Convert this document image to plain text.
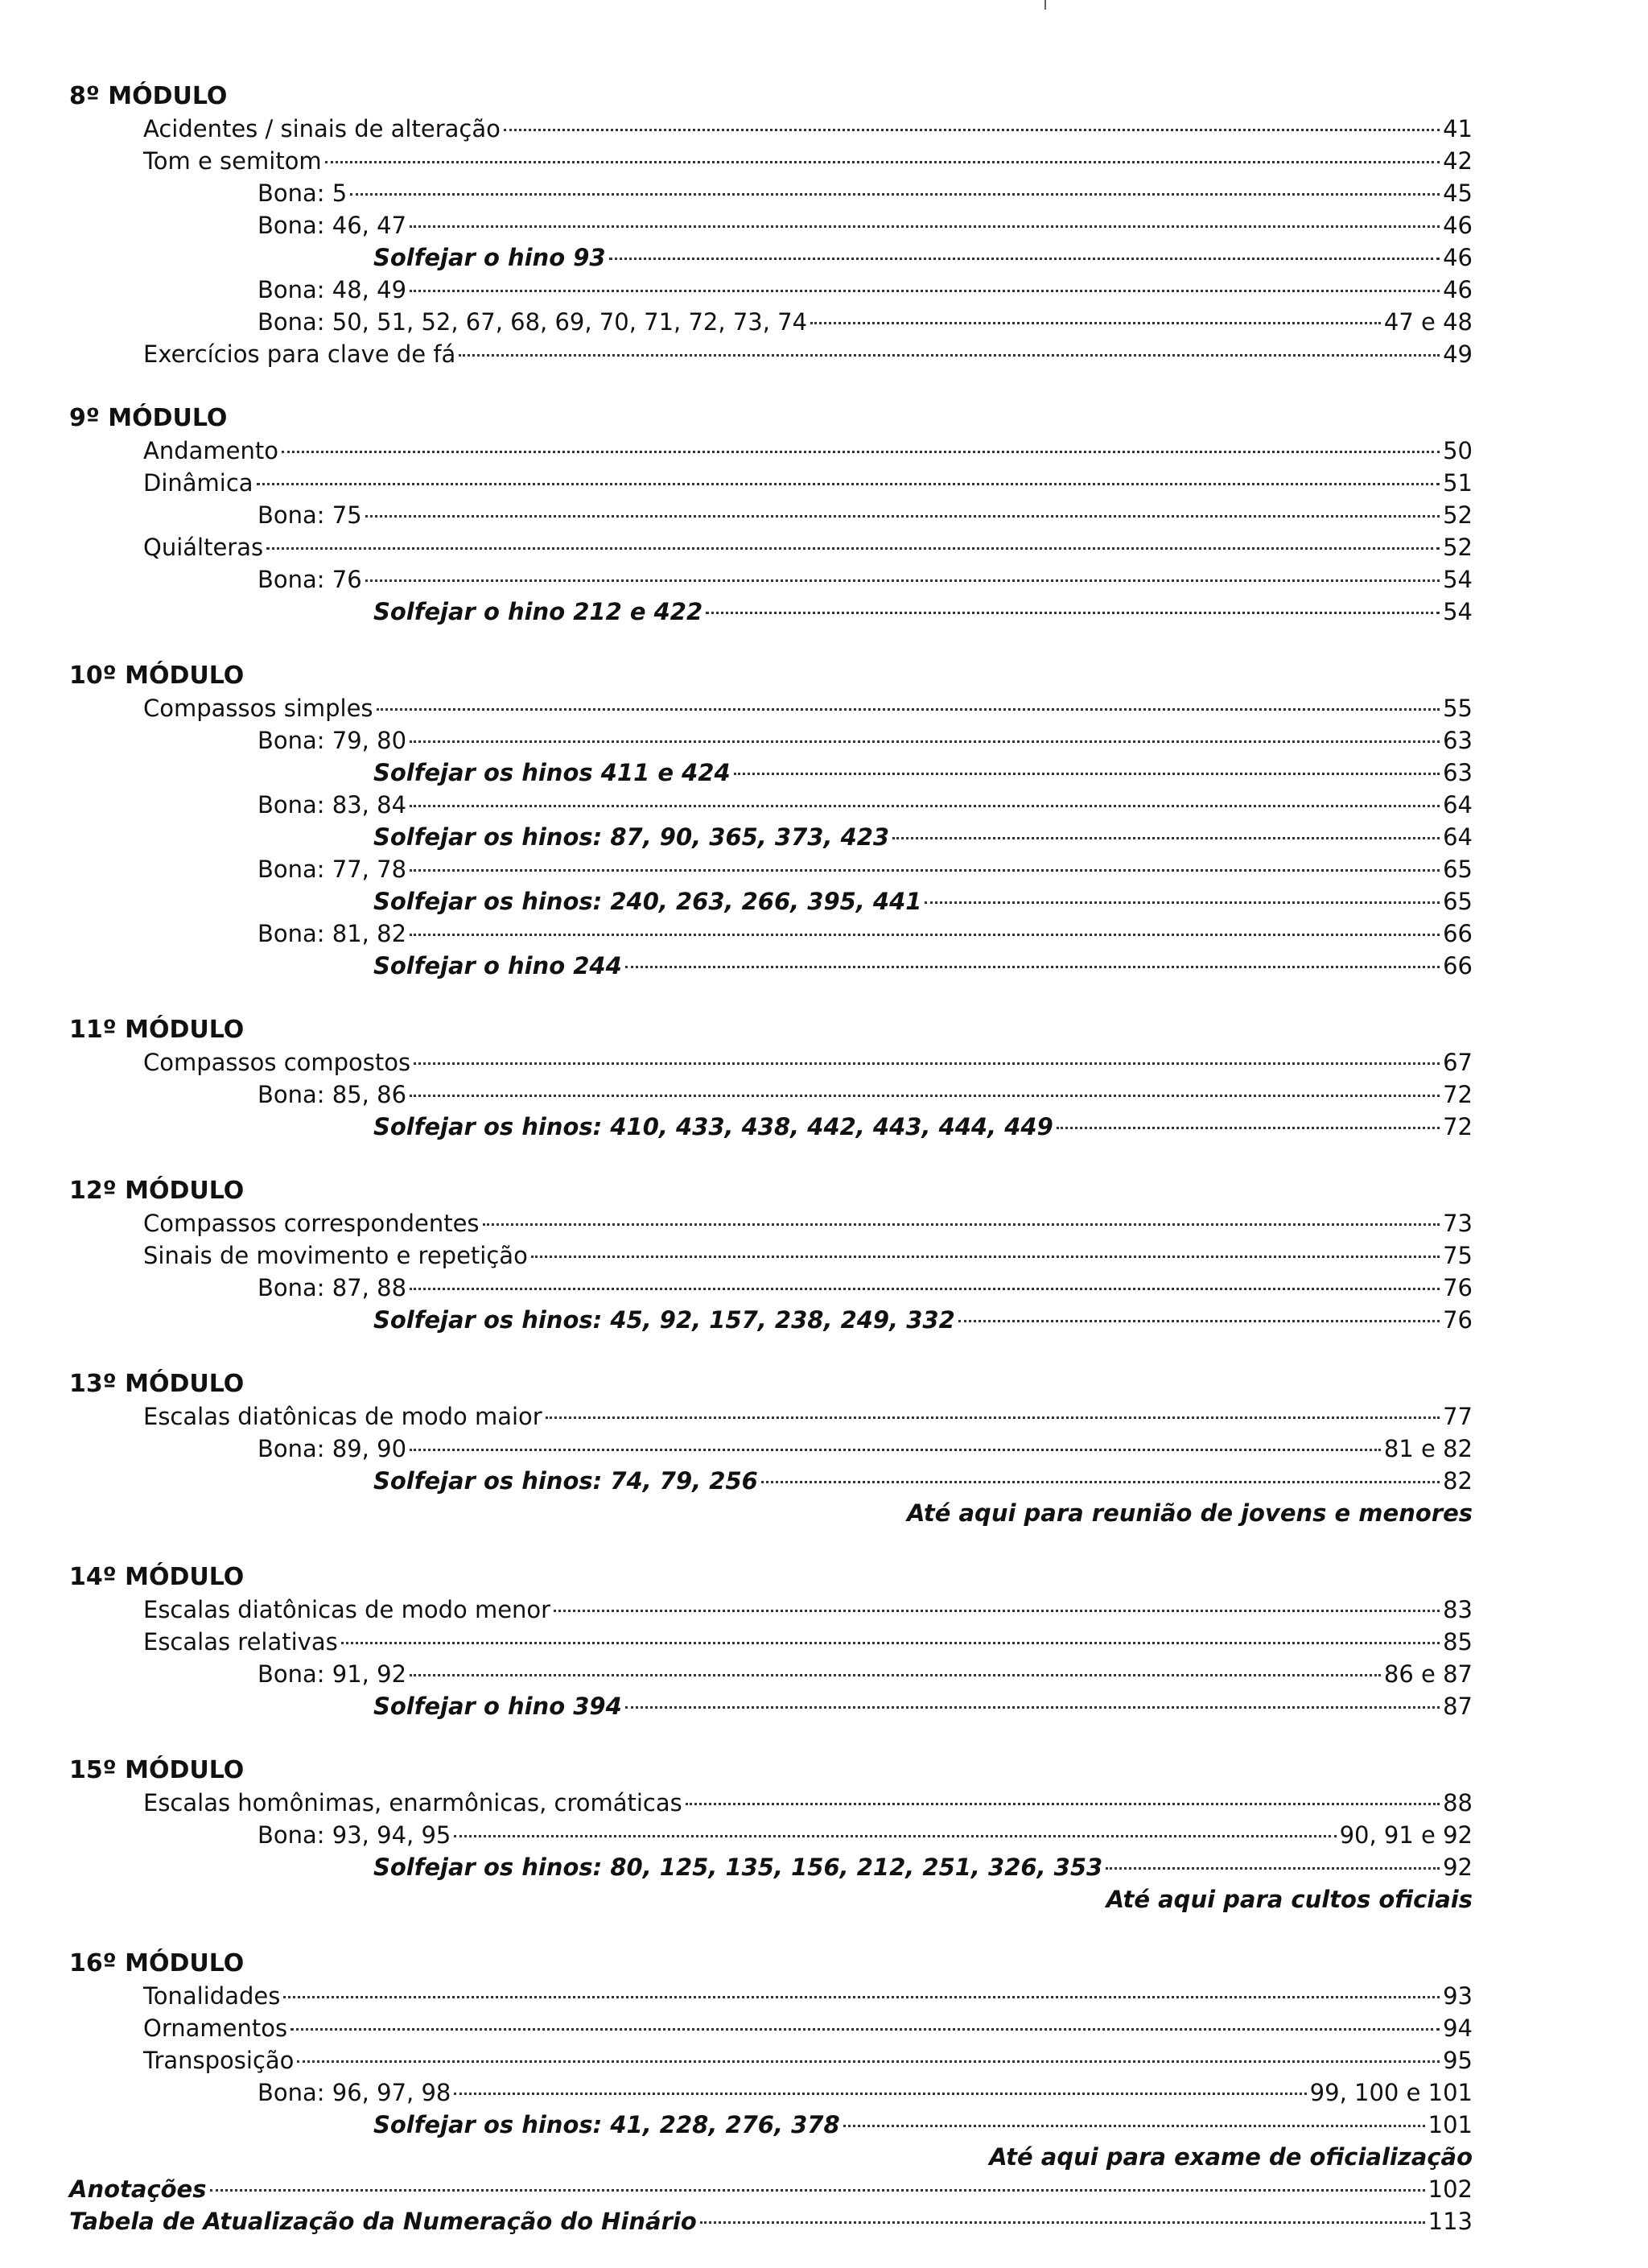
8º MÓDULO
Acidentes / sinais de alteração	41
Tom e semitom	42
Bona: 5	45
Bona: 46, 47	46
Solfejar o hino 93	46
Bona: 48, 49	46
Bona: 50, 51, 52, 67, 68, 69, 70, 71, 72, 73, 74	47 e 48
Exercícios para clave de fá	49
9º MÓDULO
Andamento	50
Dinâmica	51
Bona: 75	52
Quiálteras	52
Bona: 76	54
Solfejar o hino 212 e 422	54
10º MÓDULO
Compassos simples	55
Bona: 79, 80	63
Solfejar os hinos 411 e 424	63
Bona: 83, 84	64
Solfejar os hinos: 87, 90, 365, 373, 423	64
Bona: 77, 78	65
Solfejar os hinos: 240, 263, 266, 395, 441	65
Bona: 81, 82	66
Solfejar o hino 244	66
11º MÓDULO
Compassos compostos	67
Bona: 85, 86	72
Solfejar os hinos: 410, 433, 438, 442, 443, 444, 449	72
12º MÓDULO
Compassos correspondentes	73
Sinais de movimento e repetição	75
Bona: 87, 88	76
Solfejar os hinos: 45, 92, 157, 238, 249, 332	76
13º MÓDULO
Escalas diatônicas de modo maior	77
Bona: 89, 90	81 e 82
Solfejar os hinos: 74, 79, 256	82
Até aqui para reunião de jovens e menores
14º MÓDULO
Escalas diatônicas de modo menor	83
Escalas relativas	85
Bona: 91, 92	86 e 87
Solfejar o hino 394	87
15º MÓDULO
Escalas homônimas, enarmônicas, cromáticas	88
Bona: 93, 94, 95	90, 91 e 92
Solfejar os hinos: 80, 125, 135, 156, 212, 251, 326, 353	92
Até aqui para cultos oficiais
16º MÓDULO
Tonalidades	93
Ornamentos	94
Transposição	95
Bona: 96, 97, 98	99, 100 e 101
Solfejar os hinos: 41, 228, 276, 378	101
Até aqui para exame de oficialização
Anotações	102
Tabela de Atualização da Numeração do Hinário	113
